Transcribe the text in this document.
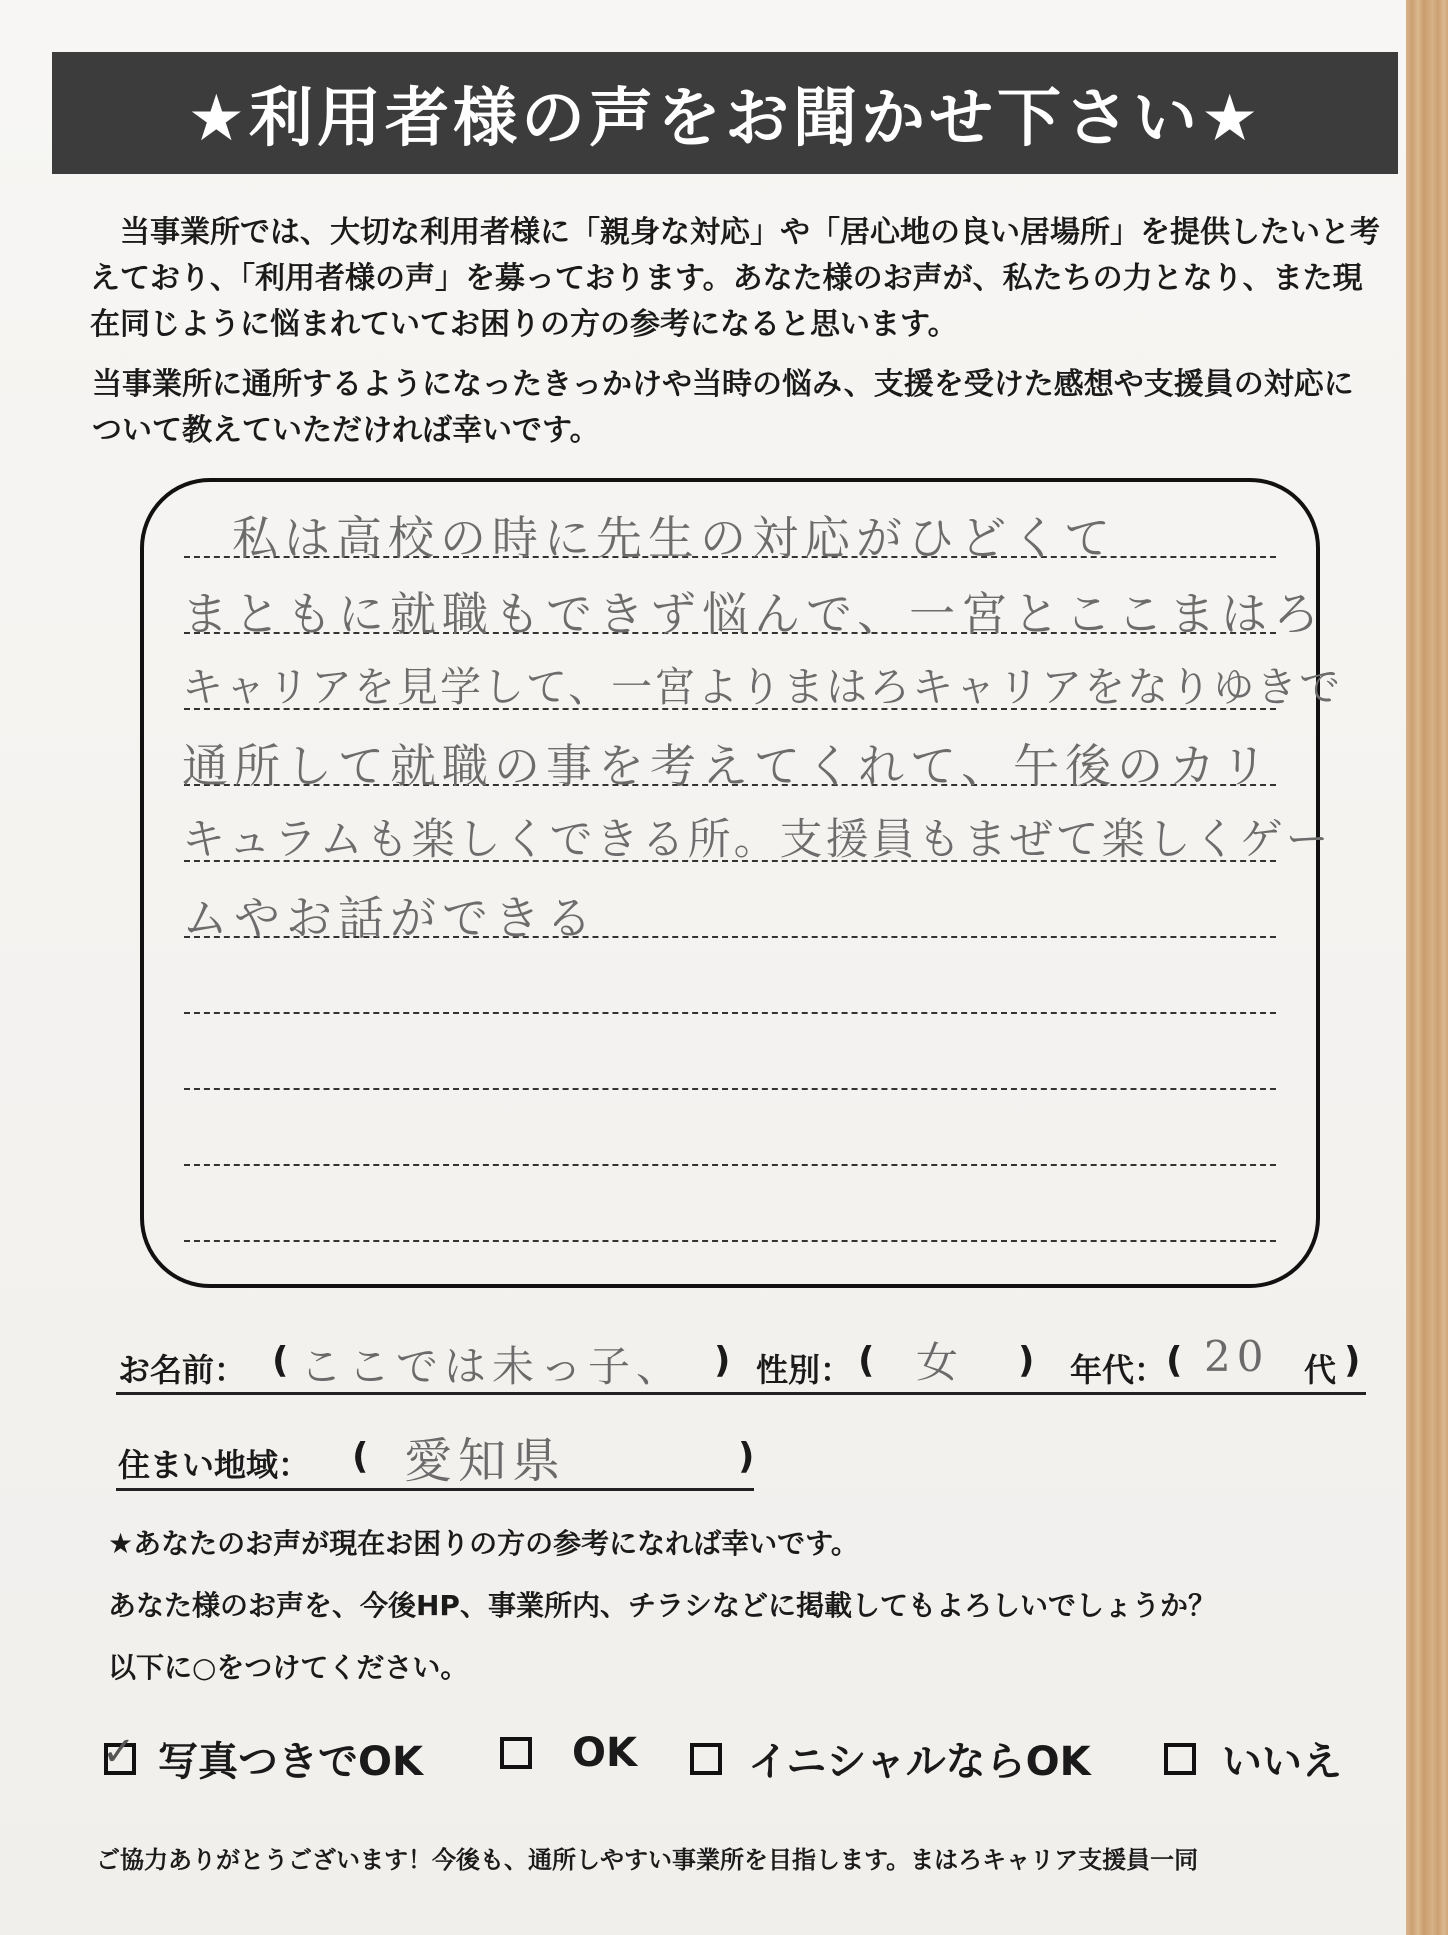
★利用者様の声をお聞かせ下さい★

当事業所では、大切な利用者様に「親身な対応」や「居心地の良い居場所」を提供したいと考えており、「利用者様の声」を募っております。あなた様のお声が、私たちの力となり、また現在同じように悩まれていてお困りの方の参考になると思います。

当事業所に通所するようになったきっかけや当時の悩み、支援を受けた感想や支援員の対応について教えていただければ幸いです。

私は高校の時に先生の対応がひどくて
まともに就職もできず悩んで、一宮とここまはろ
キャリアを見学して、一宮よりまはろキャリアをなりゆきで
通所して就職の事を考えてくれて、午後のカリ
キュラムも楽しくできる所。支援員もまぜて楽しくゲー
ムやお話ができる
お名前： ( ここでは未っ子、 ) 性別： ( 女 ) 年代： ( 20 代 )
住まい地域： ( 愛知県	)
★あなたのお声が現在お困りの方の参考になれば幸いです。
あなた様のお声を、今後HP、事業所内、チラシなどに掲載してもよろしいでしょうか？
以下に○をつけてください。
✓ 写真つきでOK	OK	イニシャルならOK	いいえ
ご協力ありがとうございます！今後も、通所しやすい事業所を目指します。まはろキャリア支援員一同
